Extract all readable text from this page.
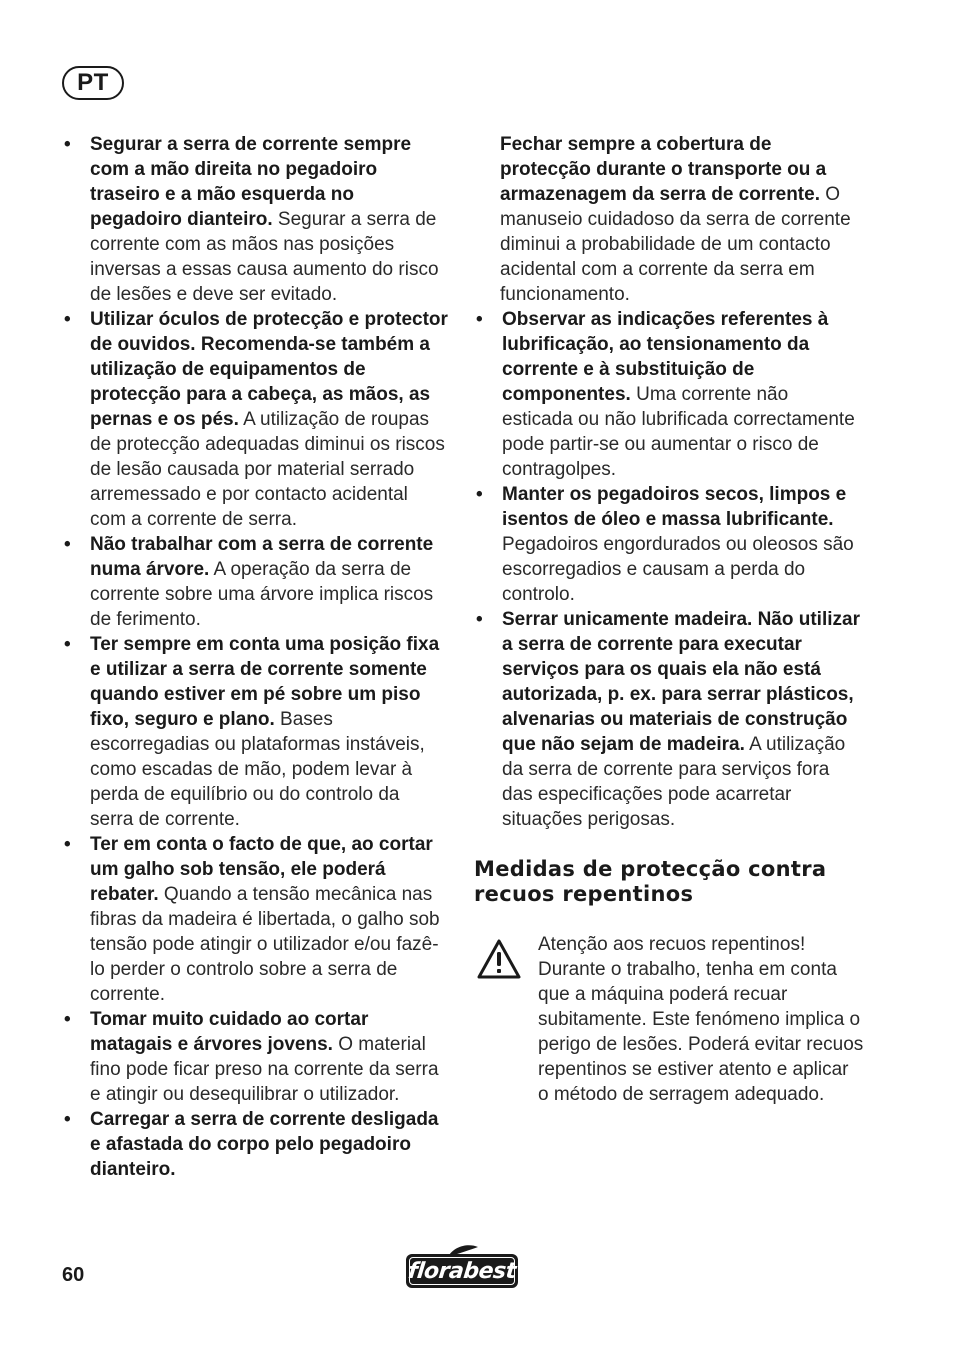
PT
• Segurar a serra de corrente sempre com a mão direita no pegadoiro traseiro e a mão esquerda no pegadoiro dianteiro. Segurar a serra de corrente com as mãos nas posições inversas a essas causa aumento do risco de lesões e deve ser evitado.
• Utilizar óculos de protecção e protector de ouvidos. Recomenda-se também a utilização de equipamentos de protecção para a cabeça, as mãos, as pernas e os pés. A utilização de roupas de protecção adequadas diminui os riscos de lesão causada por material serrado arremessado e por contacto acidental com a corrente de serra.
• Não trabalhar com a serra de corrente numa árvore. A operação da serra de corrente sobre uma árvore implica riscos de ferimento.
• Ter sempre em conta uma posição fixa e utilizar a serra de corrente somente quando estiver em pé sobre um piso fixo, seguro e plano. Bases escorregadias ou plataformas instáveis, como escadas de mão, podem levar à perda de equilíbrio ou do controlo da serra de corrente.
• Ter em conta o facto de que, ao cortar um galho sob tensão, ele poderá rebater. Quando a tensão mecânica nas fibras da madeira é libertada, o galho sob tensão pode atingir o utilizador e/ou fazê-lo perder o controlo sobre a serra de corrente.
• Tomar muito cuidado ao cortar matagais e árvores jovens. O material fino pode ficar preso na corrente da serra e atingir ou desequilibrar o utilizador.
• Carregar a serra de corrente desligada e afastada do corpo pelo pegadoiro dianteiro.
Fechar sempre a cobertura de protecção durante o transporte ou a armazenagem da serra de corrente. O manuseio cuidadoso da serra de corrente diminui a probabilidade de um contacto acidental com a corrente da serra em funcionamento.
• Observar as indicações referentes à lubrificação, ao tensionamento da corrente e à substituição de componentes. Uma corrente não esticada ou não lubrificada correctamente pode partir-se ou aumentar o risco de contragolpes.
• Manter os pegadoiros secos, limpos e isentos de óleo e massa lubrificante. Pegadoiros engordurados ou oleosos são escorregadios e causam a perda do controlo.
• Serrar unicamente madeira. Não utilizar a serra de corrente para executar serviços para os quais ela não está autorizada, p. ex. para serrar plásticos, alvenarias ou materiais de construção que não sejam de madeira. A utilização da serra de corrente para serviços fora das especificações pode acarretar situações perigosas.
Medidas de protecção contra recuos repentinos

Atenção aos recuos repentinos! Durante o trabalho, tenha em conta que a máquina poderá recuar subitamente. Este fenómeno implica o perigo de lesões. Poderá evitar recuos repentinos se estiver atento e aplicar o método de serragem adequado.

60	florabest
